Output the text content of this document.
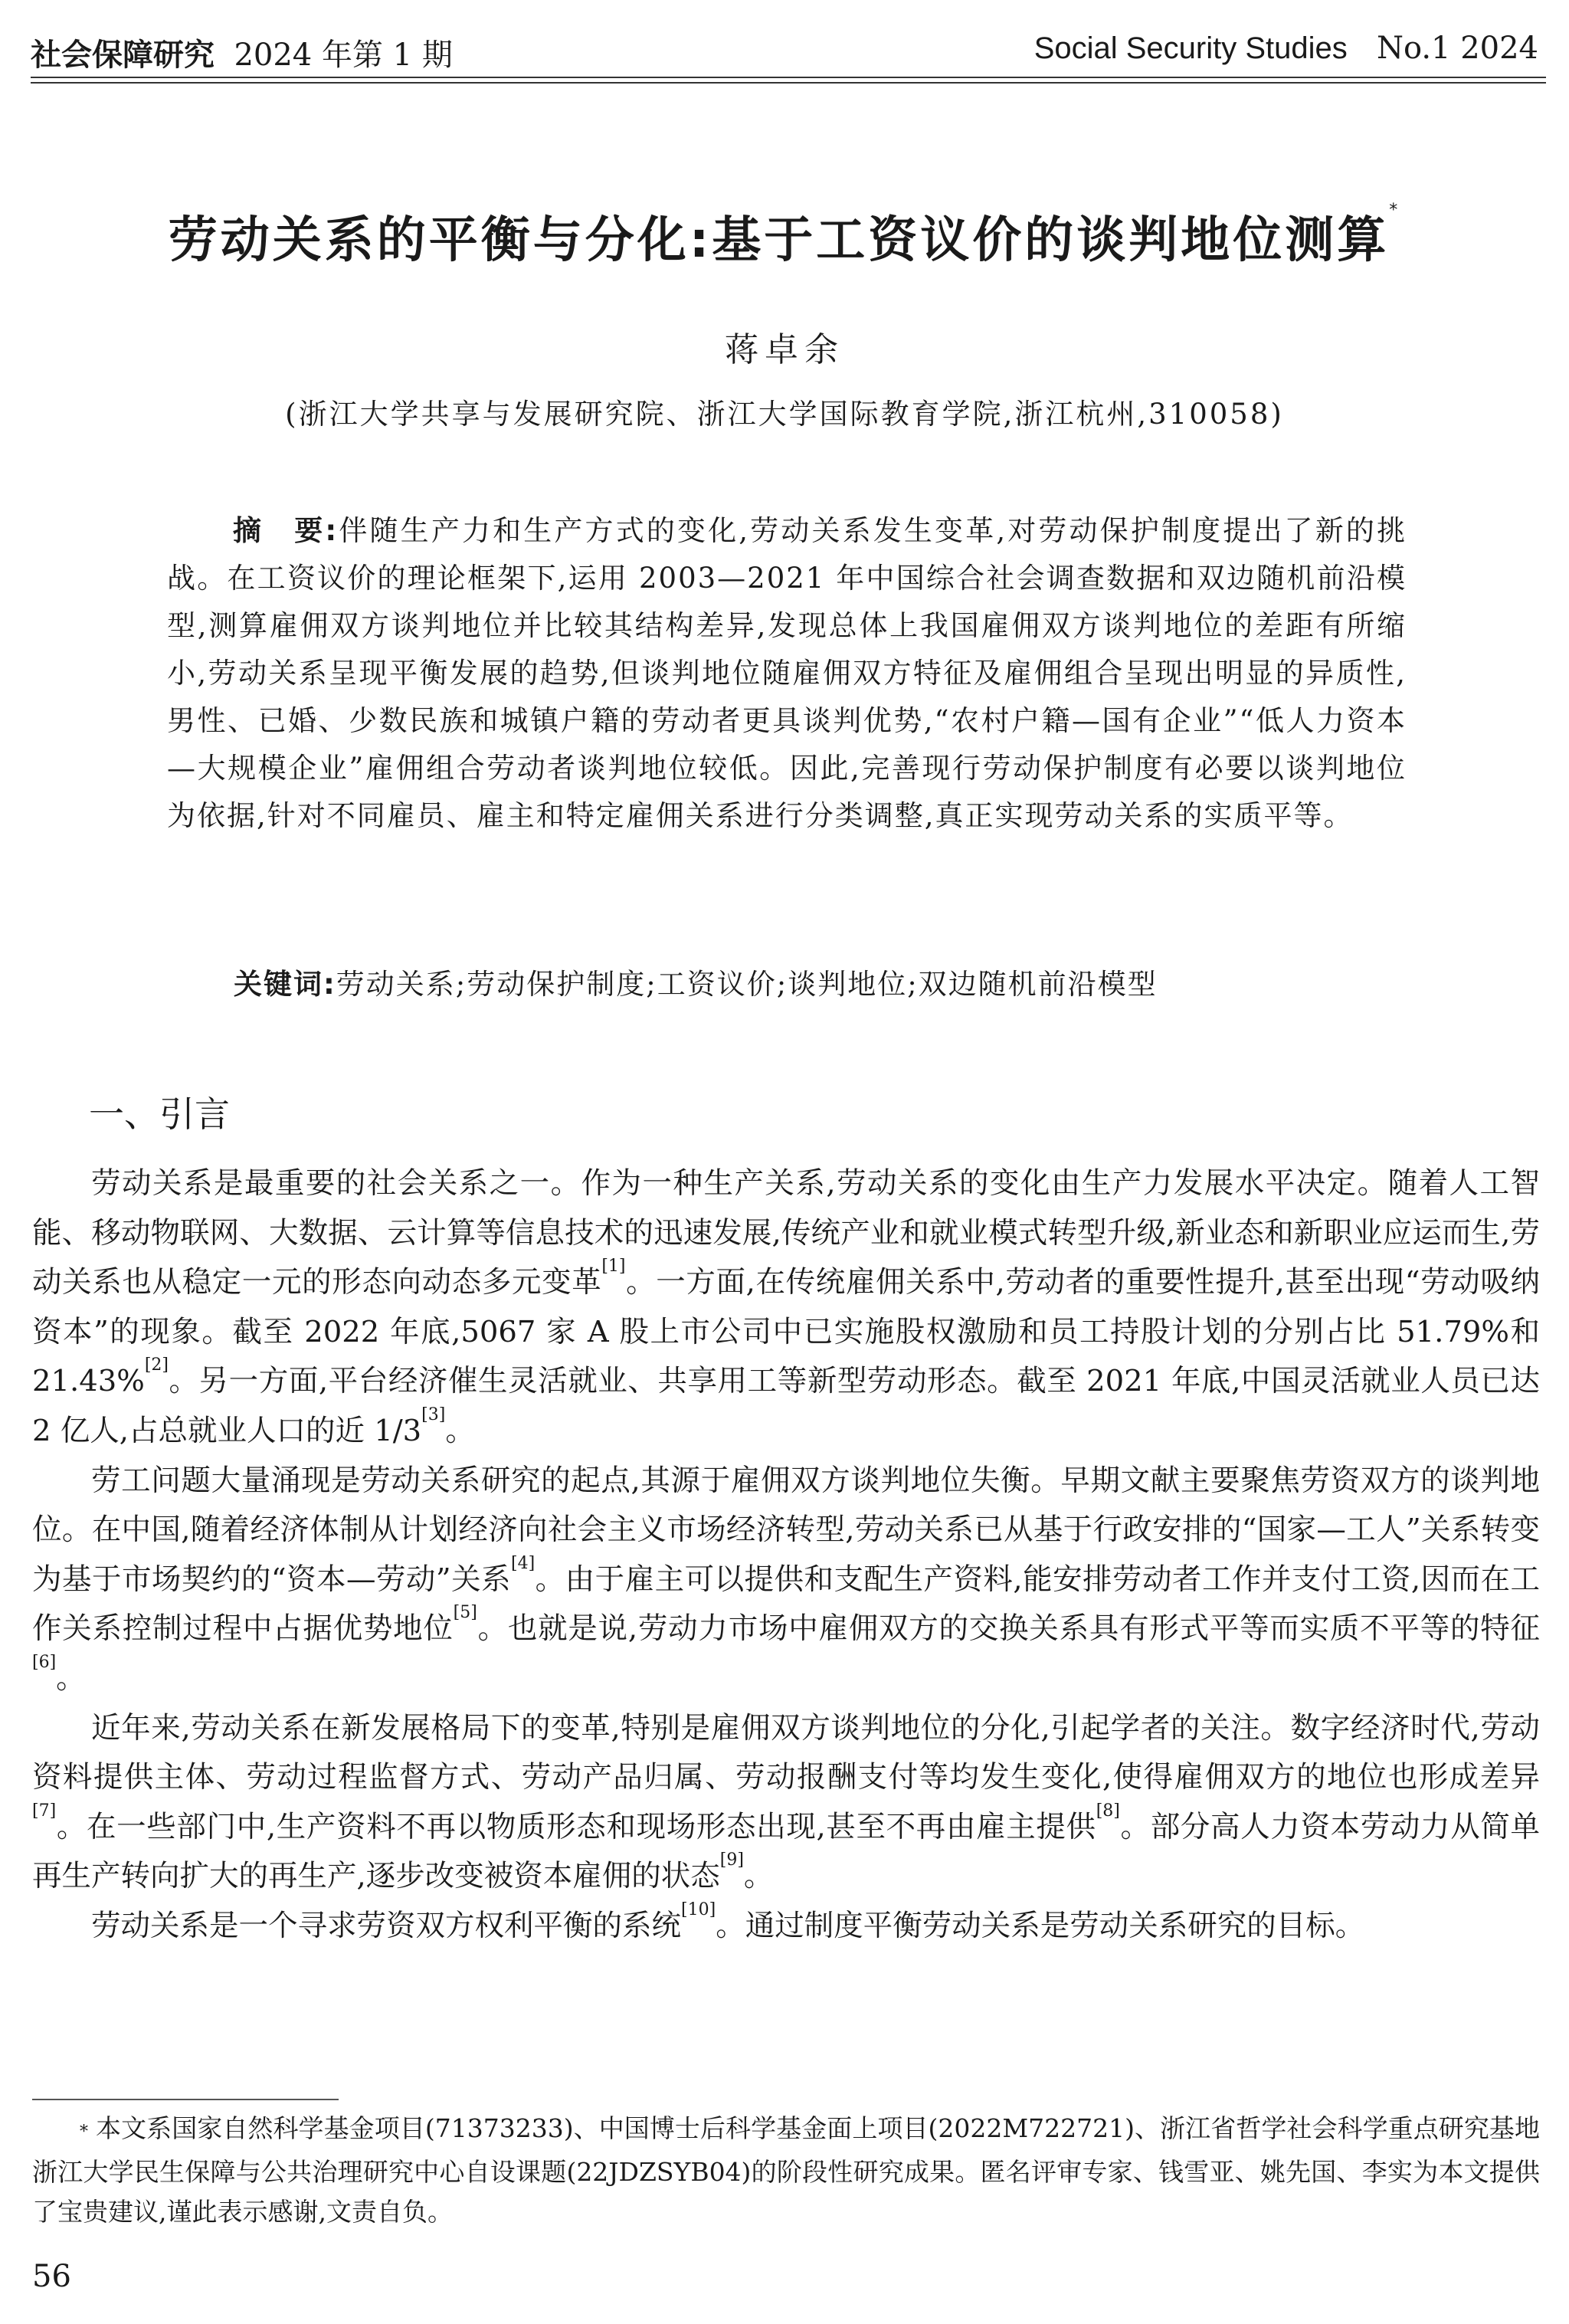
社会保障研究 2024 年第 1 期	Social Security Studies No.1 2024
劳动关系的平衡与分化:基于工资议价的谈判地位测算*
蒋卓余
(浙江大学共享与发展研究院、浙江大学国际教育学院,浙江杭州,310058)
摘　要:伴随生产力和生产方式的变化,劳动关系发生变革,对劳动保护制度提出了新的挑战。在工资议价的理论框架下,运用 2003—2021 年中国综合社会调查数据和双边随机前沿模型,测算雇佣双方谈判地位并比较其结构差异,发现总体上我国雇佣双方谈判地位的差距有所缩小,劳动关系呈现平衡发展的趋势,但谈判地位随雇佣双方特征及雇佣组合呈现出明显的异质性,男性、已婚、少数民族和城镇户籍的劳动者更具谈判优势,“农村户籍—国有企业”“低人力资本—大规模企业”雇佣组合劳动者谈判地位较低。因此,完善现行劳动保护制度有必要以谈判地位为依据,针对不同雇员、雇主和特定雇佣关系进行分类调整,真正实现劳动关系的实质平等。
关键词:劳动关系;劳动保护制度;工资议价;谈判地位;双边随机前沿模型
一、引言

劳动关系是最重要的社会关系之一。作为一种生产关系,劳动关系的变化由生产力发展水平决定。随着人工智能、移动物联网、大数据、云计算等信息技术的迅速发展,传统产业和就业模式转型升级,新业态和新职业应运而生,劳动关系也从稳定一元的形态向动态多元变革[1]。一方面,在传统雇佣关系中,劳动者的重要性提升,甚至出现“劳动吸纳资本”的现象。截至 2022 年底,5067 家 A 股上市公司中已实施股权激励和员工持股计划的分别占比 51.79%和 21.43%[2]。另一方面,平台经济催生灵活就业、共享用工等新型劳动形态。截至 2021 年底,中国灵活就业人员已达 2 亿人,占总就业人口的近 1/3[3]。

劳工问题大量涌现是劳动关系研究的起点,其源于雇佣双方谈判地位失衡。早期文献主要聚焦劳资双方的谈判地位。在中国,随着经济体制从计划经济向社会主义市场经济转型,劳动关系已从基于行政安排的“国家—工人”关系转变为基于市场契约的“资本—劳动”关系[4]。由于雇主可以提供和支配生产资料,能安排劳动者工作并支付工资,因而在工作关系控制过程中占据优势地位[5]。也就是说,劳动力市场中雇佣双方的交换关系具有形式平等而实质不平等的特征[6]。

近年来,劳动关系在新发展格局下的变革,特别是雇佣双方谈判地位的分化,引起学者的关注。数字经济时代,劳动资料提供主体、劳动过程监督方式、劳动产品归属、劳动报酬支付等均发生变化,使得雇佣双方的地位也形成差异[7]。在一些部门中,生产资料不再以物质形态和现场形态出现,甚至不再由雇主提供[8]。部分高人力资本劳动力从简单再生产转向扩大的再生产,逐步改变被资本雇佣的状态[9]。

劳动关系是一个寻求劳资双方权利平衡的系统[10]。通过制度平衡劳动关系是劳动关系研究的目标。

* 本文系国家自然科学基金项目(71373233)、中国博士后科学基金面上项目(2022M722721)、浙江省哲学社会科学重点研究基地浙江大学民生保障与公共治理研究中心自设课题(22JDZSYB04)的阶段性研究成果。匿名评审专家、钱雪亚、姚先国、李实为本文提供了宝贵建议,谨此表示感谢,文责自负。
56
